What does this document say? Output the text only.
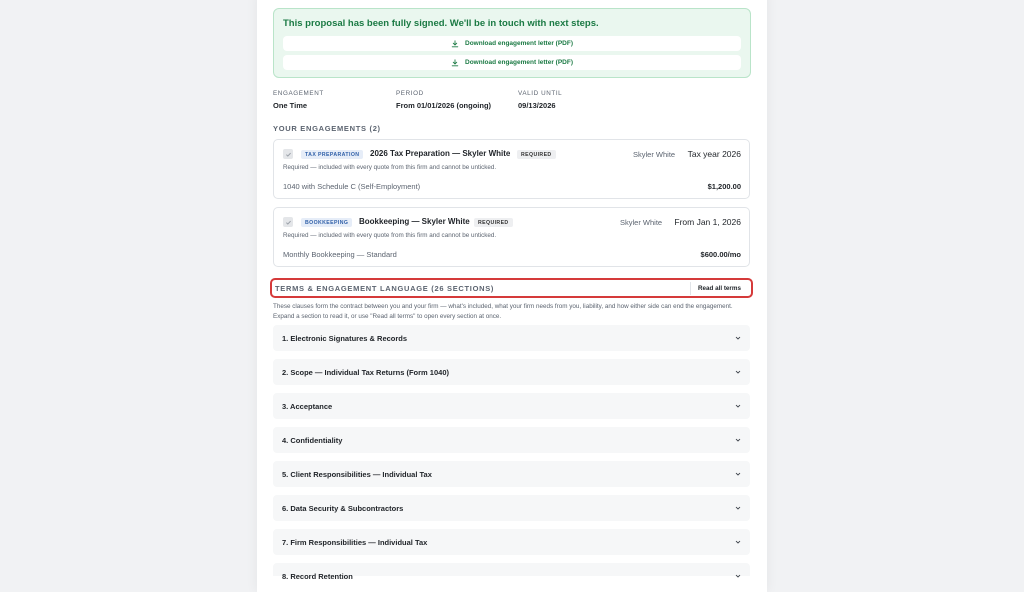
This proposal has been fully signed. We'll be in touch with next steps.
Download engagement letter (PDF)
Download engagement letter (PDF)
ENGAGEMENT
One Time
PERIOD
From 01/01/2026 (ongoing)
VALID UNTIL
09/13/2026
YOUR ENGAGEMENTS (2)
TAX PREPARATION	2026 Tax Preparation — Skyler White	REQUIRED	Skyler White Tax year 2026
Required — included with every quote from this firm and cannot be unticked.
1040 with Schedule C (Self-Employment)	$1,200.00
BOOKKEEPING	Bookkeeping — Skyler White	REQUIRED	Skyler White From Jan 1, 2026
Required — included with every quote from this firm and cannot be unticked.
Monthly Bookkeeping — Standard	$600.00/mo
TERMS & ENGAGEMENT LANGUAGE (26 SECTIONS)	Read all terms
These clauses form the contract between you and your firm — what's included, what your firm needs from you, liability, and how either side can end the engagement. Expand a section to read it, or use "Read all terms" to open every section at once.
1. Electronic Signatures & Records
2. Scope — Individual Tax Returns (Form 1040)
3. Acceptance
4. Confidentiality
5. Client Responsibilities — Individual Tax
6. Data Security & Subcontractors
7. Firm Responsibilities — Individual Tax
8. Record Retention
